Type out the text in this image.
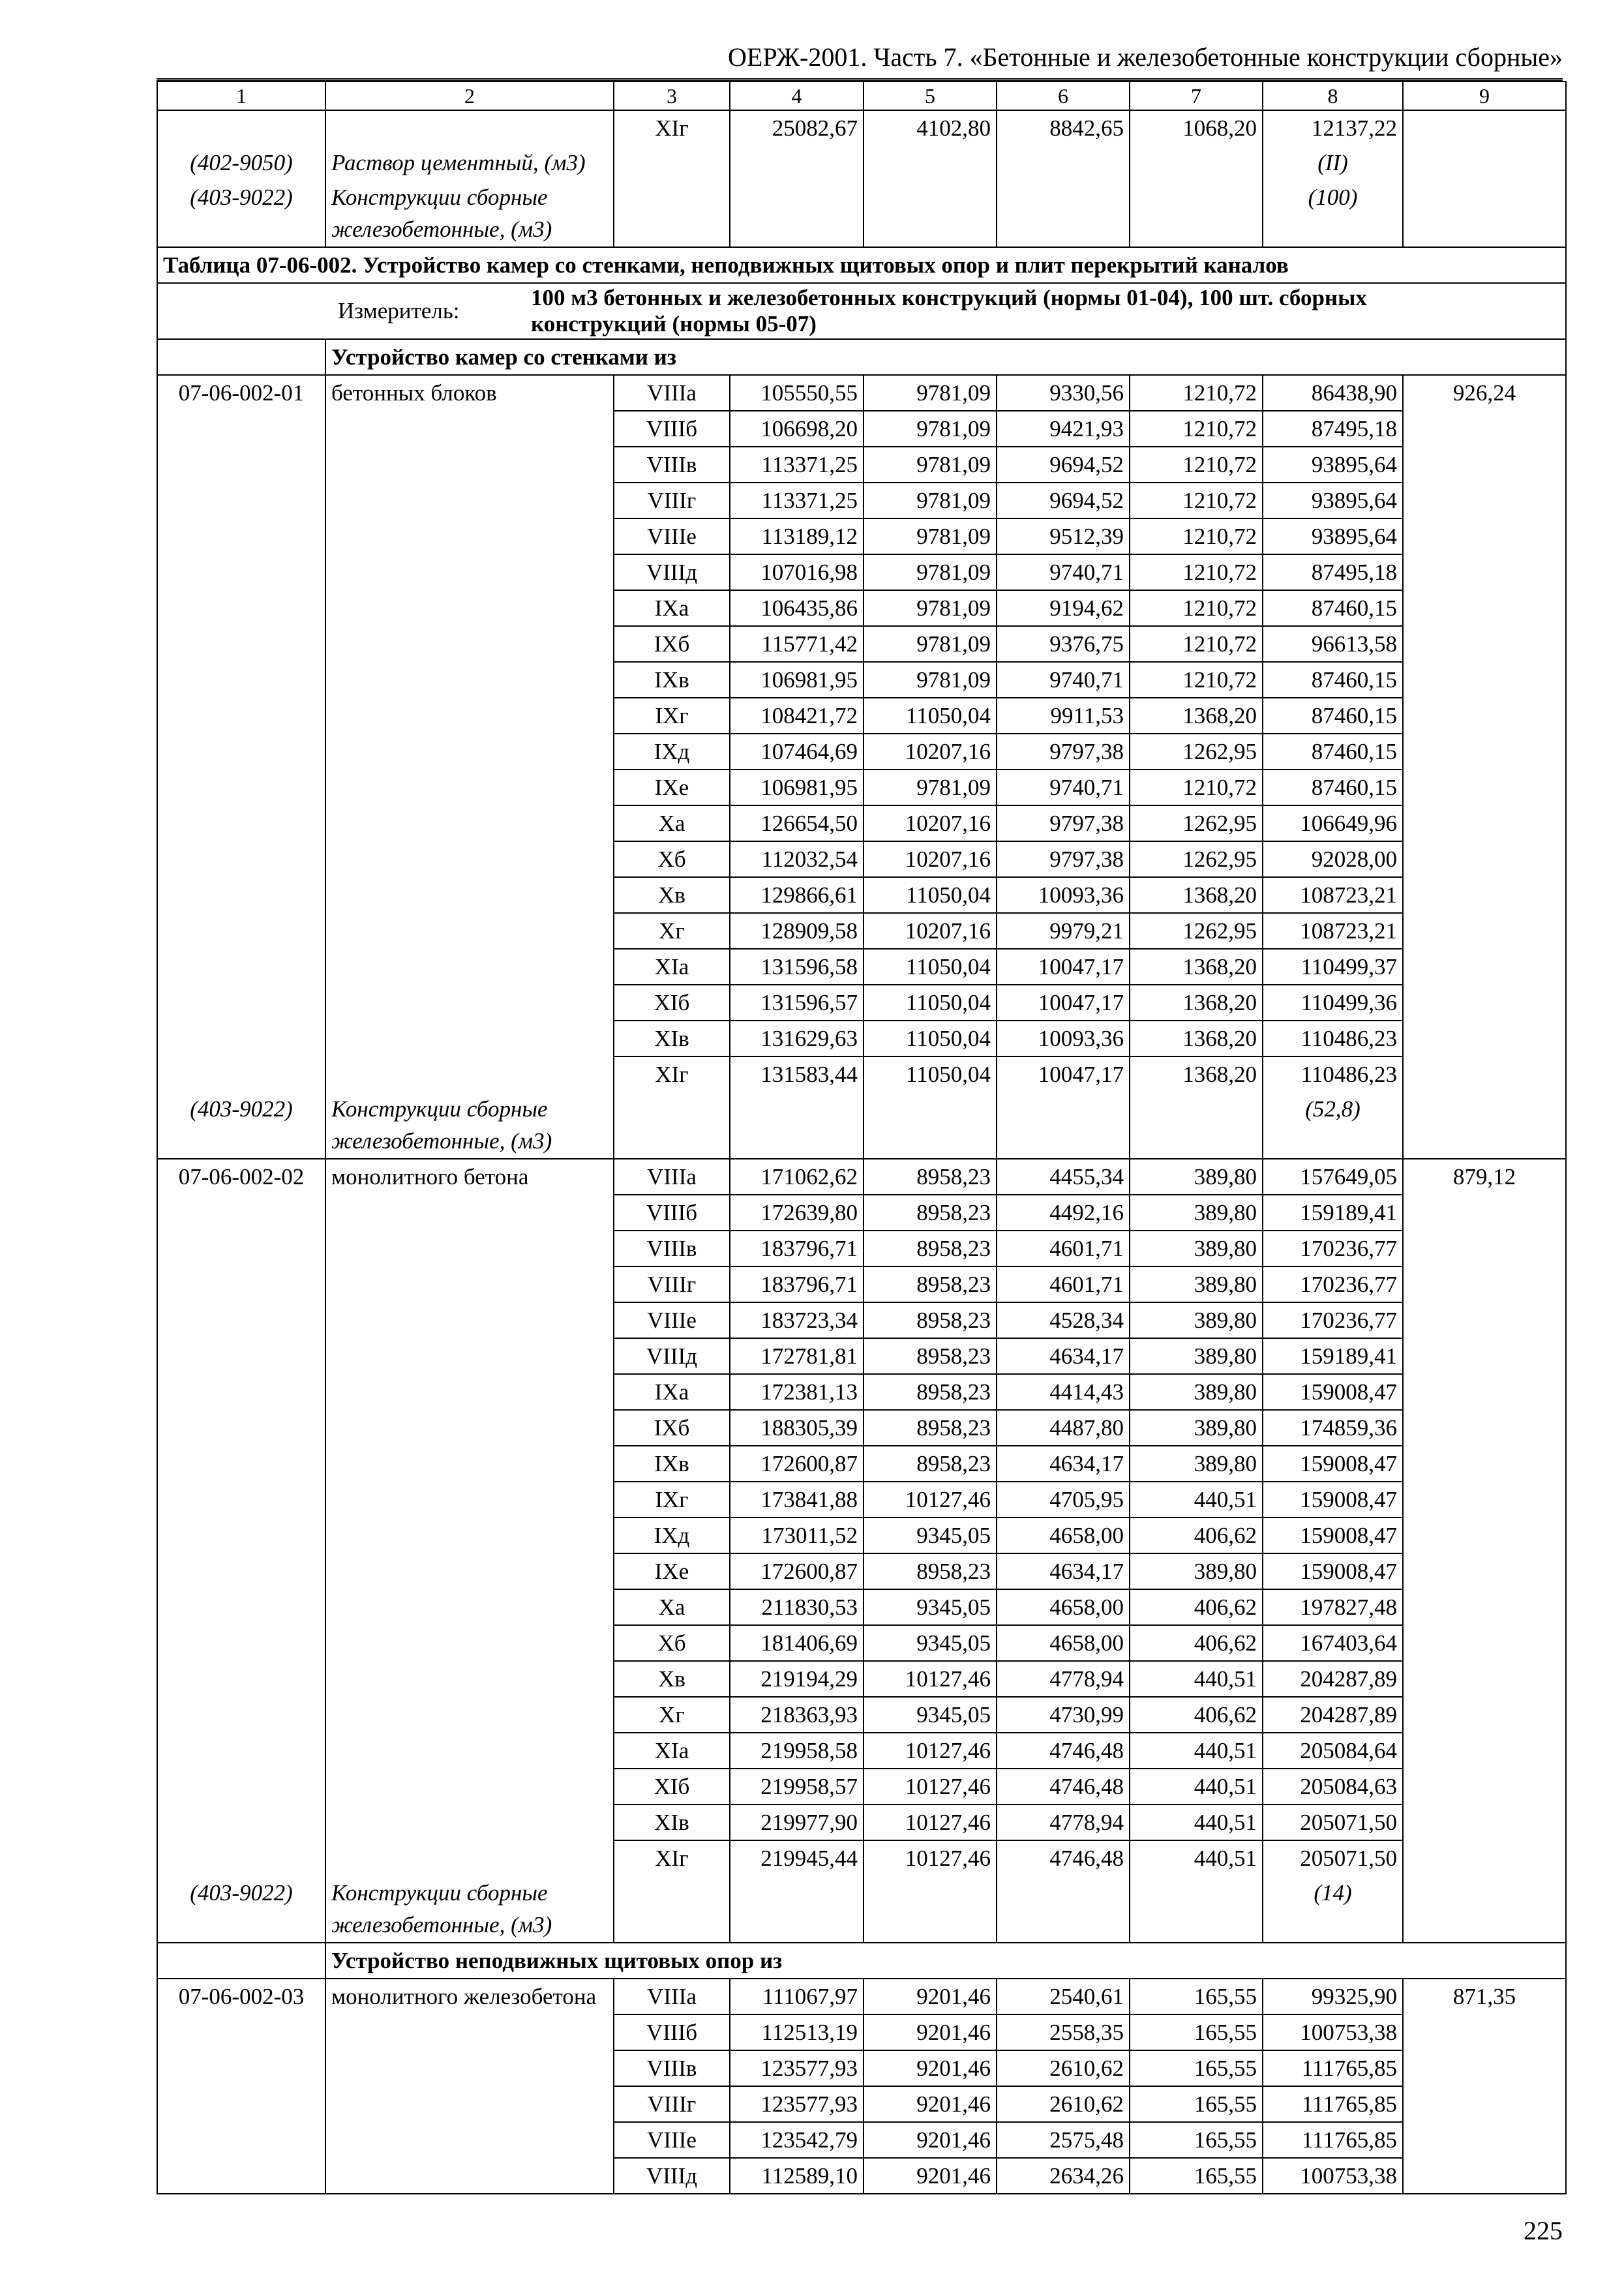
ОЕРЖ-2001. Часть 7. «Бетонные и железобетонные конструкции сборные»
1	2	3	4	5	6	7	8	9
		XIг	25082,67	4102,80	8842,65	1068,20	12137,22	
(402-9050)	Раствор цементный, (м3)						(II)	
(403-9022)	Конструкции сборные железобетонные, (м3)						(100)	
Таблица 07-06-002. Устройство камер со стенками, неподвижных щитовых опор и плит перекрытий каналов								

Измеритель:
100 м3 бетонных и железобетонных конструкций (нормы 01-04), 100 шт. сборных конструкций (нормы 05-07)								

	Устройство камер со стенками из							
07-06-002-01	бетонных блоков	VIIIа	105550,55	9781,09	9330,56	1210,72	86438,90	926,24
		VIIIб	106698,20	9781,09	9421,93	1210,72	87495,18	
		VIIIв	113371,25	9781,09	9694,52	1210,72	93895,64	
		VIIIг	113371,25	9781,09	9694,52	1210,72	93895,64	
		VIIIе	113189,12	9781,09	9512,39	1210,72	93895,64	
		VIIIд	107016,98	9781,09	9740,71	1210,72	87495,18	
		IXа	106435,86	9781,09	9194,62	1210,72	87460,15	
		IXб	115771,42	9781,09	9376,75	1210,72	96613,58	
		IXв	106981,95	9781,09	9740,71	1210,72	87460,15	
		IXг	108421,72	11050,04	9911,53	1368,20	87460,15	
		IXд	107464,69	10207,16	9797,38	1262,95	87460,15	
		IXе	106981,95	9781,09	9740,71	1210,72	87460,15	
		Xа	126654,50	10207,16	9797,38	1262,95	106649,96	
		Xб	112032,54	10207,16	9797,38	1262,95	92028,00	
		Xв	129866,61	11050,04	10093,36	1368,20	108723,21	
		Xг	128909,58	10207,16	9979,21	1262,95	108723,21	
		XIа	131596,58	11050,04	10047,17	1368,20	110499,37	
		XIб	131596,57	11050,04	10047,17	1368,20	110499,36	
		XIв	131629,63	11050,04	10093,36	1368,20	110486,23	
		XIг	131583,44	11050,04	10047,17	1368,20	110486,23	
(403-9022)	Конструкции сборные железобетонные, (м3)						(52,8)	
07-06-002-02	монолитного бетона	VIIIа	171062,62	8958,23	4455,34	389,80	157649,05	879,12
		VIIIб	172639,80	8958,23	4492,16	389,80	159189,41	
		VIIIв	183796,71	8958,23	4601,71	389,80	170236,77	
		VIIIг	183796,71	8958,23	4601,71	389,80	170236,77	
		VIIIе	183723,34	8958,23	4528,34	389,80	170236,77	
		VIIIд	172781,81	8958,23	4634,17	389,80	159189,41	
		IXа	172381,13	8958,23	4414,43	389,80	159008,47	
		IXб	188305,39	8958,23	4487,80	389,80	174859,36	
		IXв	172600,87	8958,23	4634,17	389,80	159008,47	
		IXг	173841,88	10127,46	4705,95	440,51	159008,47	
		IXд	173011,52	9345,05	4658,00	406,62	159008,47	
		IXе	172600,87	8958,23	4634,17	389,80	159008,47	
		Xа	211830,53	9345,05	4658,00	406,62	197827,48	
		Xб	181406,69	9345,05	4658,00	406,62	167403,64	
		Xв	219194,29	10127,46	4778,94	440,51	204287,89	
		Xг	218363,93	9345,05	4730,99	406,62	204287,89	
		XIа	219958,58	10127,46	4746,48	440,51	205084,64	
		XIб	219958,57	10127,46	4746,48	440,51	205084,63	
		XIв	219977,90	10127,46	4778,94	440,51	205071,50	
		XIг	219945,44	10127,46	4746,48	440,51	205071,50	
(403-9022)	Конструкции сборные железобетонные, (м3)						(14)	
	Устройство неподвижных щитовых опор из							
07-06-002-03	монолитного железобетона	VIIIа	111067,97	9201,46	2540,61	165,55	99325,90	871,35
		VIIIб	112513,19	9201,46	2558,35	165,55	100753,38	
		VIIIв	123577,93	9201,46	2610,62	165,55	111765,85	
		VIIIг	123577,93	9201,46	2610,62	165,55	111765,85	
		VIIIе	123542,79	9201,46	2575,48	165,55	111765,85	
		VIIIд	112589,10	9201,46	2634,26	165,55	100753,38	
225
